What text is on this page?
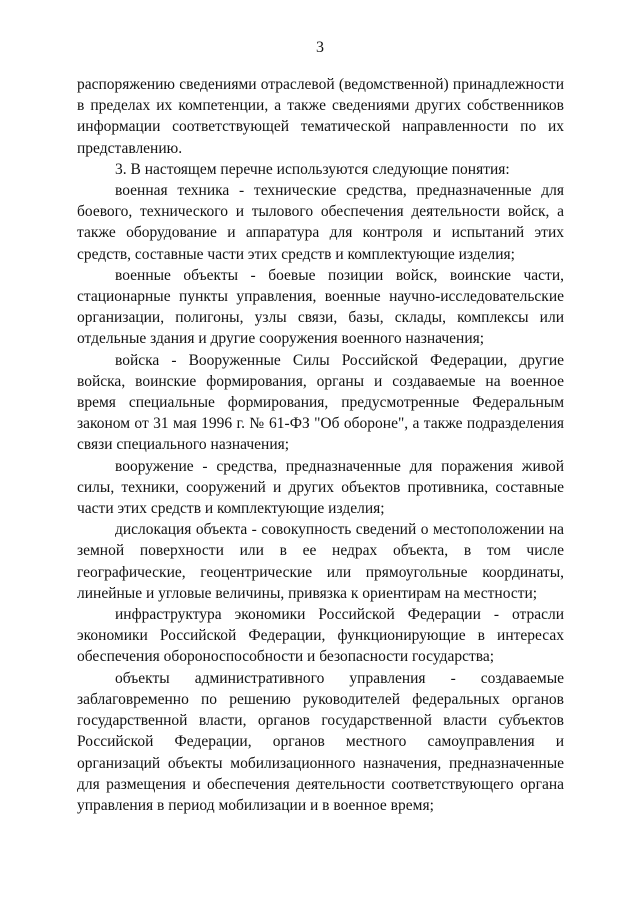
3

распоряжению сведениями отраслевой (ведомственной) принадлежности в пределах их компетенции, а также сведениями других собственников информации соответствующей тематической направленности по их представлению.

3. В настоящем перечне используются следующие понятия:

военная техника - технические средства, предназначенные для боевого, технического и тылового обеспечения деятельности войск, а также оборудование и аппаратура для контроля и испытаний этих средств, составные части этих средств и комплектующие изделия;

военные объекты - боевые позиции войск, воинские части, стационарные пункты управления, военные научно-исследовательские организации, полигоны, узлы связи, базы, склады, комплексы или отдельные здания и другие сооружения военного назначения;

войска - Вооруженные Силы Российской Федерации, другие войска, воинские формирования, органы и создаваемые на военное время специальные формирования, предусмотренные Федеральным законом от 31 мая 1996 г. № 61-ФЗ "Об обороне", а также подразделения связи специального назначения;

вооружение - средства, предназначенные для поражения живой силы, техники, сооружений и других объектов противника, составные части этих средств и комплектующие изделия;

дислокация объекта - совокупность сведений о местоположении на земной поверхности или в ее недрах объекта, в том числе географические, геоцентрические или прямоугольные координаты, линейные и угловые величины, привязка к ориентирам на местности;

инфраструктура экономики Российской Федерации - отрасли экономики Российской Федерации, функционирующие в интересах обеспечения обороноспособности и безопасности государства;

объекты административного управления - создаваемые заблаговременно по решению руководителей федеральных органов государственной власти, органов государственной власти субъектов Российской Федерации, органов местного самоуправления и организаций объекты мобилизационного назначения, предназначенные для размещения и обеспечения деятельности соответствующего органа управления в период мобилизации и в военное время;
